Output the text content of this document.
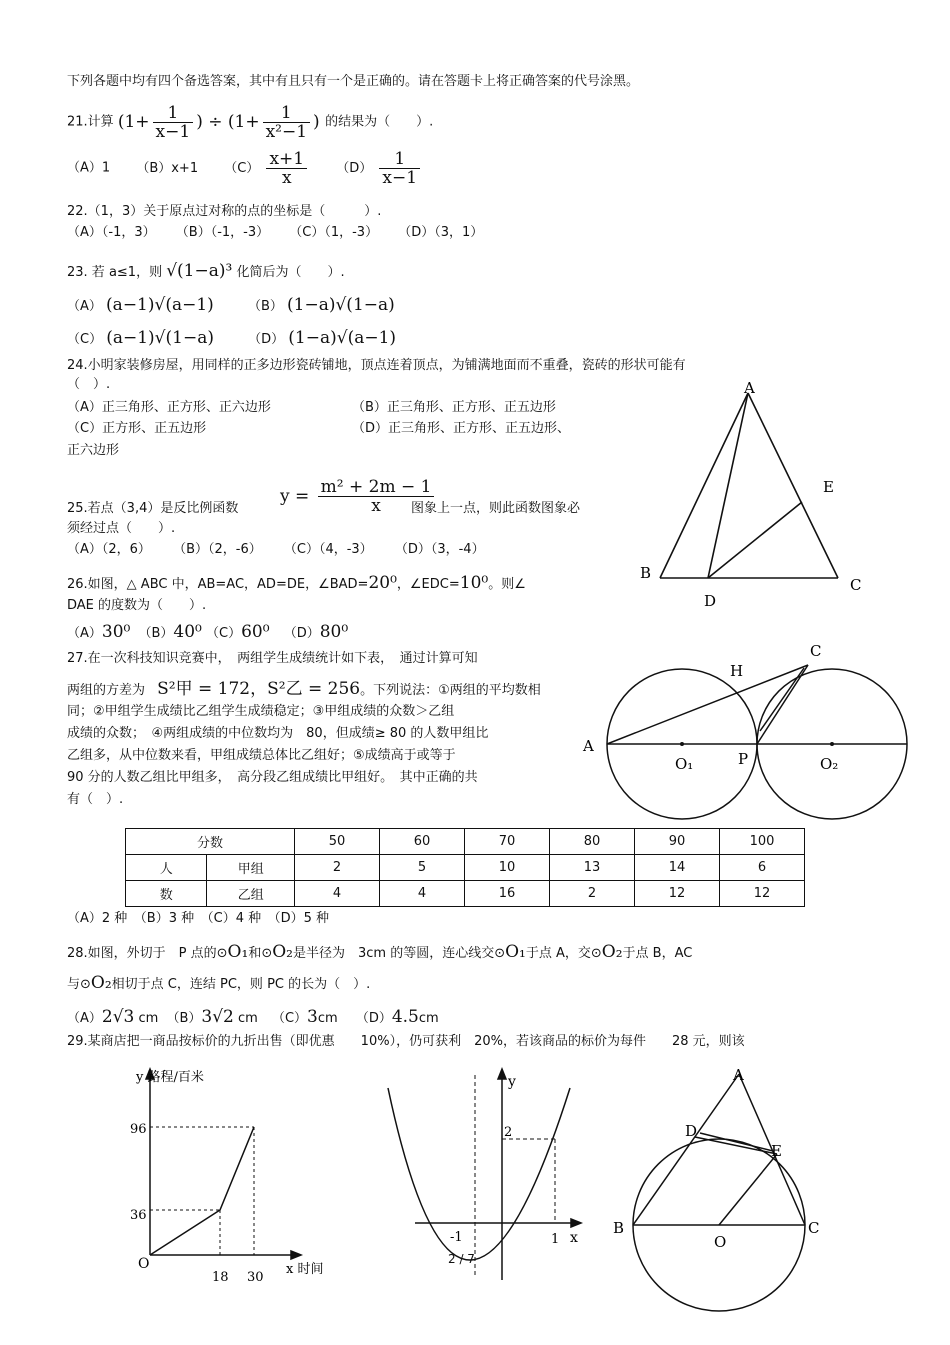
下列各题中均有四个备选答案，其中有且只有一个是正确的。请在答题卡上将正确答案的代号涂黑。
21.计算 ($1+ \frac{1}{x-1}$ ) ÷ ($1+ \frac{1}{\text{x²−1}}$ ) 的结果为（　　）.
（A）1 （B）x+1 $(C) \frac{x+1}{x} (D) \frac{1}{x-1}$
22.（1，3）关于原点过对称的点的坐标是（　　　）.
（A）（-1，3） （B）（-1，-3） （C）（1，-3） （D）（3，1）
23. 若 a≤1，则 √(1−a)³ 化简后为（　　）.
（A） (a−1)√(a−1)	（B） (1−a)√(1−a)
（C） (a−1)√(1−a)	（D） (1−a)√(a−1)
24.小明家装修房屋，用同样的正多边形瓷砖铺地，顶点连着顶点，为铺满地面而不重叠，瓷砖的形状可能有
（　）.
（A）正三角形、正方形、正六边形	（B）正三角形、正方形、正五边形
（C）正方形、正五边形	（D）正三角形、正方形、正五边形、
正六边形
25.若点（3,4）是反比例函数
$y = \frac{\text{m² + 2m − 1}}{x}$
图象上一点，则此函数图象必
须经过点（　　）.
（A）（2，6） （B）（2，-6） （C）（4，-3） （D）（3，-4）
26.如图，△ ABC 中，AB=AC，AD=DE，∠BAD=20⁰，∠EDC=10⁰。则∠
DAE 的度数为（　　）.
（A）30⁰ （B）40⁰ （C）60⁰ （D）80⁰
27.在一次科技知识竞赛中，　两组学生成绩统计如下表，　通过计算可知
两组的方差为 S²甲 = 172，S²乙 = 256。下列说法：①两组的平均数相
同；②甲组学生成绩比乙组学生成绩稳定；③甲组成绩的众数＞乙组
成绩的众数；　④两组成绩的中位数均为　80，但成绩≥ 80 的人数甲组比
乙组多，从中位数来看，甲组成绩总体比乙组好；⑤成绩高于或等于
90 分的人数乙组比甲组多，　高分段乙组成绩比甲组好。　其中正确的共
有（　）.
分数		50	60	70	80	90	100
人	甲组	2	5	10	13	14	6
数	乙组	4	4	16	2	12	12
（A）2 种　（B）3 种　（C）4 种　（D）5 种
28.如图，外切于　P 点的⊙O₁和⊙O₂是半径为　3cm 的等圆，连心线交⊙O₁于点 A，交⊙O₂于点 B，AC
与⊙O₂相切于点 C，连结 PC，则 PC 的长为（　）.
（A）2√3 cm （B）3√2 cm （C）3cm （D）4.5cm
29.某商店把一商品按标价的九折出售（即优惠　　10%），仍可获利　20%，若该商品的标价为每件　　28 元，则该
A
B
C
D
E
A
C
H
P
O₁	O₂
y 路程/百米
x 时间
O
18 30
36
96
y
x
-1	1
2
A
B	C
D
E
O
2 / 7
